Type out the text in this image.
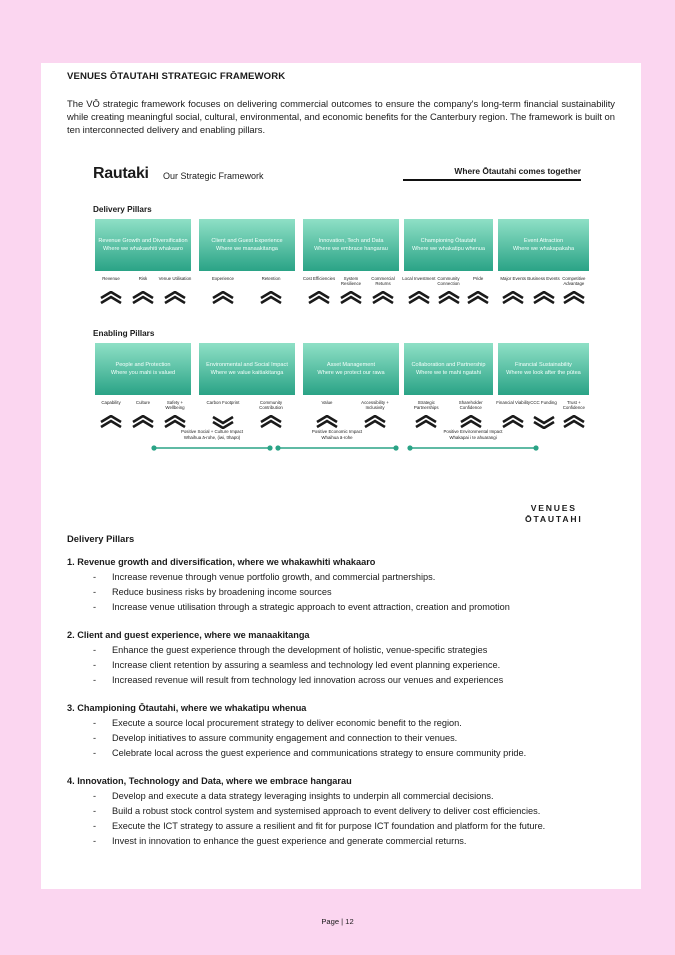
VENUES ŌTAUTAHI STRATEGIC FRAMEWORK
The VŌ strategic framework focuses on delivering commercial outcomes to ensure the company's long-term financial sustainability while creating meaningful social, cultural, environmental, and economic benefits for the Canterbury region. The framework is built on ten interconnected delivery and enabling pillars.
Rautaki Our Strategic Framework	Where Ōtautahi comes together
Delivery Pillars
Enabling Pillars
VENUES
ŌTAUTAHI
Revenue Growth and Diversification
Where we whakawhiti whakaaro
Revenue	Risk	Venue Utilisation
Client and Guest Experience
Where we manaakitanga
Experience	Retention
Innovation, Tech and Data
Where we embrace hangarau
Cost Efficiencies	System Resilience
Commercial Returns
Championing Ōtautahi
Where we whakatipu whenua
Local Investment Community Connection
Pride
Event Attraction
Where we whakapakaha
Major Events Business Events Competitive Advantage
People and Protection
Where you mahi is valued
Capability	Culture	Safety + Wellbeing
Environmental and Social Impact
Where we value kaitiakitanga
Carbon Footprint	Community Contribution
Asset Management
Where we protect our rawa
Value	Accessibility + Inclusivity
Collaboration and Partnership
Where we te mahi ngatahi
Strategic Partnerships
Shareholder Confidence
Financial Sustainability
Where we look after the pūtea
Financial Viability CCC Funding	Trust + Confidence
Positive Social + Culture Impact
Whaihua ā-rohe, (iwi, tīhapū)
Positive Economic Impact
Whaihua ā-rohe
Positive Environmental Impact
Whakapai i te ahuarangi
Delivery Pillars
1. Revenue growth and diversification, where we whakawhiti whakaaro
- Increase revenue through venue portfolio growth, and commercial partnerships.
- Reduce business risks by broadening income sources
- Increase venue utilisation through a strategic approach to event attraction, creation and promotion
2. Client and guest experience, where we manaakitanga
- Enhance the guest experience through the development of holistic, venue-specific strategies
- Increase client retention by assuring a seamless and technology led event planning experience.
- Increased revenue will result from technology led innovation across our venues and experiences
3. Championing Ōtautahi, where we whakatipu whenua
- Execute a source local procurement strategy to deliver economic benefit to the region.
- Develop initiatives to assure community engagement and connection to their venues.
- Celebrate local across the guest experience and communications strategy to ensure community pride.
4. Innovation, Technology and Data, where we embrace hangarau
- Develop and execute a data strategy leveraging insights to underpin all commercial decisions.
- Build a robust stock control system and systemised approach to event delivery to deliver cost efficiencies.
- Execute the ICT strategy to assure a resilient and fit for purpose ICT foundation and platform for the future.
- Invest in innovation to enhance the guest experience and generate commercial returns.
Page | 12
